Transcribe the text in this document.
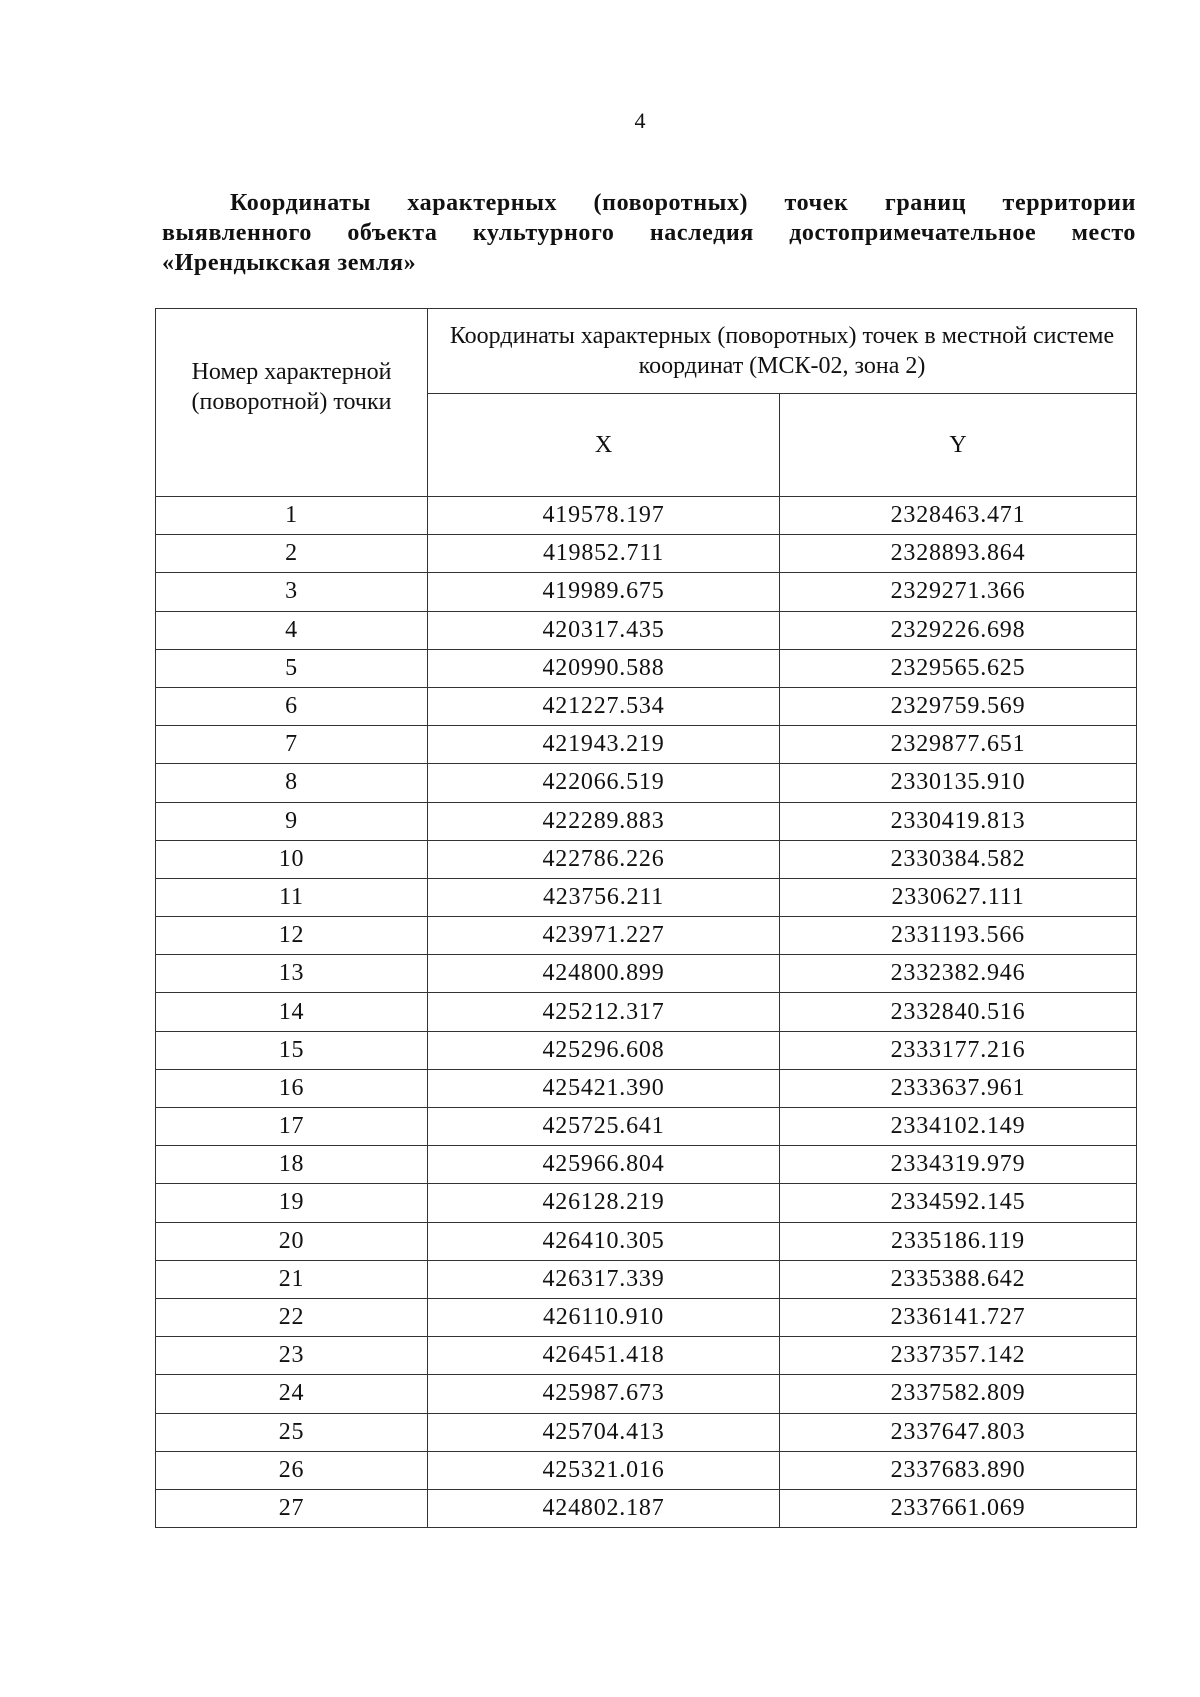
4
Координаты характерных (поворотных) точек границ территории выявленного объекта культурного наследия достопримечательное место «Ирендыкская земля»
Номер характерной (поворотной) точки	Координаты характерных (поворотных) точек в местной системе координат (МСК-02, зона 2)	
	X	Y
1	419578.197	2328463.471
2	419852.711	2328893.864
3	419989.675	2329271.366
4	420317.435	2329226.698
5	420990.588	2329565.625
6	421227.534	2329759.569
7	421943.219	2329877.651
8	422066.519	2330135.910
9	422289.883	2330419.813
10	422786.226	2330384.582
11	423756.211	2330627.111
12	423971.227	2331193.566
13	424800.899	2332382.946
14	425212.317	2332840.516
15	425296.608	2333177.216
16	425421.390	2333637.961
17	425725.641	2334102.149
18	425966.804	2334319.979
19	426128.219	2334592.145
20	426410.305	2335186.119
21	426317.339	2335388.642
22	426110.910	2336141.727
23	426451.418	2337357.142
24	425987.673	2337582.809
25	425704.413	2337647.803
26	425321.016	2337683.890
27	424802.187	2337661.069
